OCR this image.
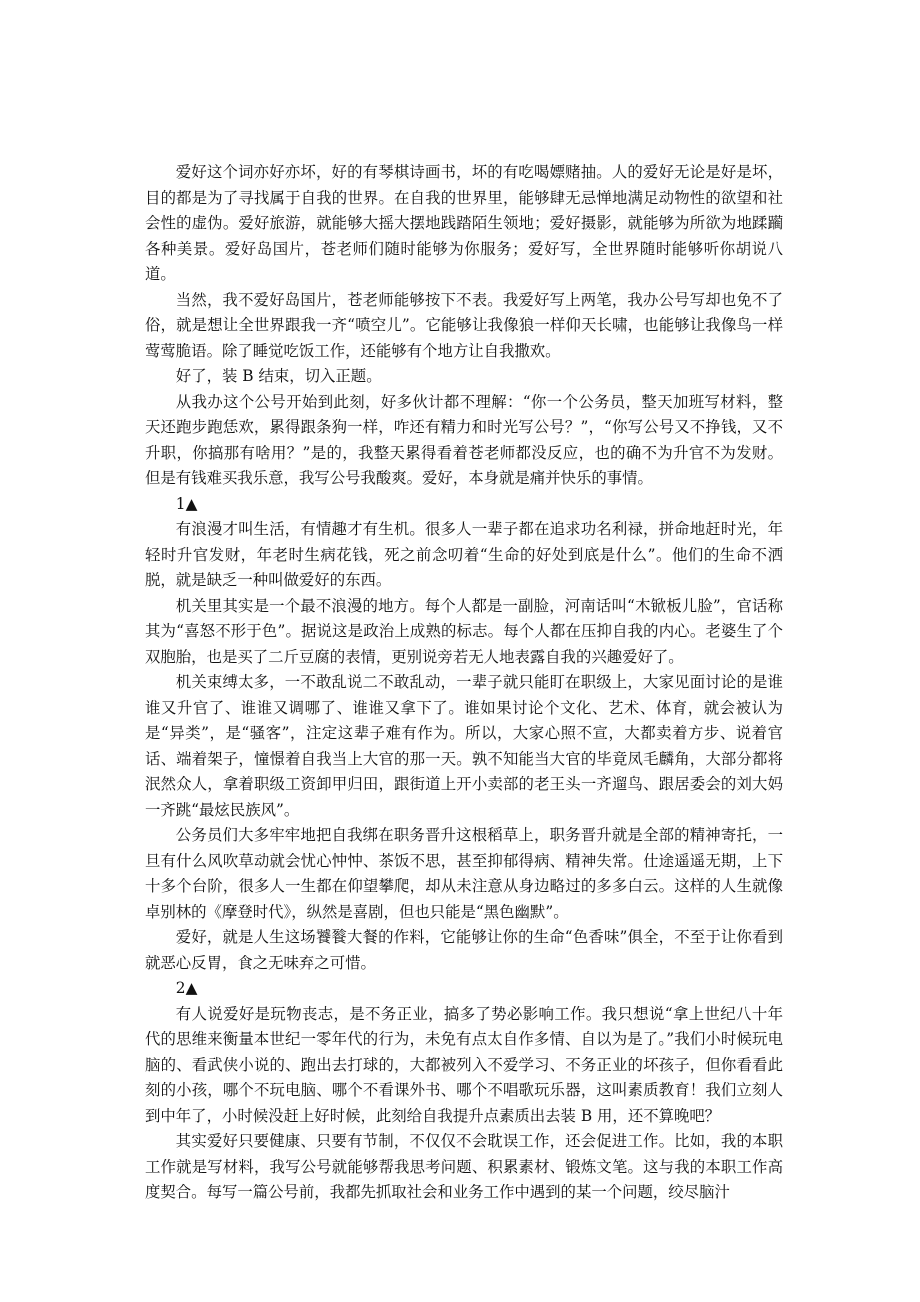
爱好这个词亦好亦坏，好的有琴棋诗画书，坏的有吃喝嫖赌抽。人的爱好无论是好是坏，目的都是为了寻找属于自我的世界。在自我的世界里，能够肆无忌惮地满足动物性的欲望和社会性的虚伪。爱好旅游，就能够大摇大摆地践踏陌生领地；爱好摄影，就能够为所欲为地蹂躏各种美景。爱好岛国片，苍老师们随时能够为你服务；爱好写，全世界随时能够听你胡说八道。

当然，我不爱好岛国片，苍老师能够按下不表。我爱好写上两笔，我办公号写却也免不了俗，就是想让全世界跟我一齐“喷空儿”。它能够让我像狼一样仰天长啸，也能够让我像鸟一样莺莺脆语。除了睡觉吃饭工作，还能够有个地方让自我撒欢。

好了，装 B 结束，切入正题。

从我办这个公号开始到此刻，好多伙计都不理解：“你一个公务员，整天加班写材料，整天还跑步跑恁欢，累得跟条狗一样，咋还有精力和时光写公号？”，“你写公号又不挣钱，又不升职，你搞那有啥用？”是的，我整天累得看着苍老师都没反应，也的确不为升官不为发财。但是有钱难买我乐意，我写公号我酸爽。爱好，本身就是痛并快乐的事情。

1▲

有浪漫才叫生活，有情趣才有生机。很多人一辈子都在追求功名利禄，拼命地赶时光，年轻时升官发财，年老时生病花钱，死之前念叨着“生命的好处到底是什么”。他们的生命不洒脱，就是缺乏一种叫做爱好的东西。

机关里其实是一个最不浪漫的地方。每个人都是一副脸，河南话叫“木锨板儿脸”，官话称其为“喜怒不形于色”。据说这是政治上成熟的标志。每个人都在压抑自我的内心。老婆生了个双胞胎，也是买了二斤豆腐的表情，更别说旁若无人地表露自我的兴趣爱好了。

机关束缚太多，一不敢乱说二不敢乱动，一辈子就只能盯在职级上，大家见面讨论的是谁谁又升官了、谁谁又调哪了、谁谁又拿下了。谁如果讨论个文化、艺术、体育，就会被认为是“异类”，是“骚客”，注定这辈子难有作为。所以，大家心照不宣，大都卖着方步、说着官话、端着架子，憧憬着自我当上大官的那一天。孰不知能当大官的毕竟凤毛麟角，大部分都将泯然众人，拿着职级工资卸甲归田，跟街道上开小卖部的老王头一齐遛鸟、跟居委会的刘大妈一齐跳“最炫民族风”。

公务员们大多牢牢地把自我绑在职务晋升这根稻草上，职务晋升就是全部的精神寄托，一旦有什么风吹草动就会忧心忡忡、茶饭不思，甚至抑郁得病、精神失常。仕途遥遥无期，上下十多个台阶，很多人一生都在仰望攀爬，却从未注意从身边略过的多多白云。这样的人生就像卓别林的《摩登时代》，纵然是喜剧，但也只能是“黑色幽默”。

爱好，就是人生这场饕餮大餐的作料，它能够让你的生命“色香味”俱全，不至于让你看到就恶心反胃，食之无味弃之可惜。

2▲

有人说爱好是玩物丧志，是不务正业，搞多了势必影响工作。我只想说“拿上世纪八十年代的思维来衡量本世纪一零年代的行为，未免有点太自作多情、自以为是了。”我们小时候玩电脑的、看武侠小说的、跑出去打球的，大都被列入不爱学习、不务正业的坏孩子，但你看看此刻的小孩，哪个不玩电脑、哪个不看课外书、哪个不唱歌玩乐器，这叫素质教育！我们立刻人到中年了，小时候没赶上好时候，此刻给自我提升点素质出去装 B 用，还不算晚吧？

其实爱好只要健康、只要有节制，不仅仅不会耽误工作，还会促进工作。比如，我的本职工作就是写材料，我写公号就能够帮我思考问题、积累素材、锻炼文笔。这与我的本职工作高度契合。每写一篇公号前，我都先抓取社会和业务工作中遇到的某一个问题，绞尽脑汁
